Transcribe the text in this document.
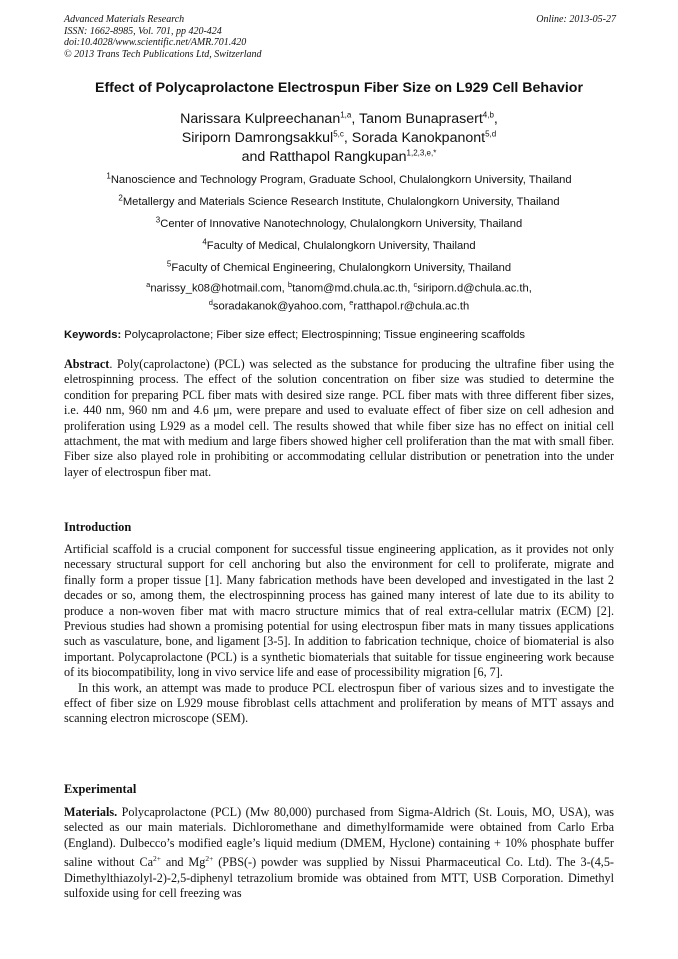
Advanced Materials Research
ISSN: 1662-8985, Vol. 701, pp 420-424
doi:10.4028/www.scientific.net/AMR.701.420
© 2013 Trans Tech Publications Ltd, Switzerland
Online: 2013-05-27
Effect of Polycaprolactone Electrospun Fiber Size on L929 Cell Behavior
Narissara Kulpreechanan$^{1,a}$, Tanom Bunaprasert$^{4,b}$,
Siriporn Damrongsakkul$^{5,c}$, Sorada Kanokpanont$^{5,d}$
and Ratthapol Rangkupan$^{1,2,3,e,*}$
$^1$Nanoscience and Technology Program, Graduate School, Chulalongkorn University, Thailand
$^2$Metallergy and Materials Science Research Institute, Chulalongkorn University, Thailand
$^3$Center of Innovative Nanotechnology, Chulalongkorn University, Thailand
$^4$Faculty of Medical, Chulalongkorn University, Thailand
$^5$Faculty of Chemical Engineering, Chulalongkorn University, Thailand
$^a$narissy_k08@hotmail.com, $^b$tanom@md.chula.ac.th, $^c$siriporn.d@chula.ac.th,
$^d$soradakanok@yahoo.com, $^e$ratthapol.r@chula.ac.th
Keywords: Polycaprolactone; Fiber size effect; Electrospinning; Tissue engineering scaffolds

Abstract. Poly(caprolactone) (PCL) was selected as the substance for producing the ultrafine fiber using the eletrospinning process. The effect of the solution concentration on fiber size was studied to determine the condition for preparing PCL fiber mats with desired size range. PCL fiber mats with three different fiber sizes, i.e. 440 nm, 960 nm and 4.6 μm, were prepare and used to evaluate effect of fiber size on cell adhesion and proliferation using L929 as a model cell. The results showed that while fiber size has no effect on initial cell attachment, the mat with medium and large fibers showed higher cell proliferation than the mat with small fiber. Fiber size also played role in prohibiting or accommodating cellular distribution or penetration into the under layer of electrospun fiber mat.

Introduction

Artificial scaffold is a crucial component for successful tissue engineering application, as it provides not only necessary structural support for cell anchoring but also the environment for cell to proliferate, migrate and finally form a proper tissue [1]. Many fabrication methods have been developed and investigated in the last 2 decades or so, among them, the electrospinning process has gained many interest of late due to its ability to produce a non-woven fiber mat with macro structure mimics that of real extra-cellular matrix (ECM) [2]. Previous studies had shown a promising potential for using electrospun fiber mats in many tissues applications such as vasculature, bone, and ligament [3-5]. In addition to fabrication technique, choice of biomaterial is also important. Polycaprolactone (PCL) is a synthetic biomaterials that suitable for tissue engineering work because of its biocompatibility, long in vivo service life and ease of processibility migration [6, 7].

In this work, an attempt was made to produce PCL electrospun fiber of various sizes and to investigate the effect of fiber size on L929 mouse fibroblast cells attachment and proliferation by means of MTT assays and scanning electron microscope (SEM).

Experimental

Materials. Polycaprolactone (PCL) (Mw 80,000) purchased from Sigma-Aldrich (St. Louis, MO, USA), was selected as our main materials. Dichloromethane and dimethylformamide were obtained from Carlo Erba (England). Dulbecco’s modified eagle’s liquid medium (DMEM, Hyclone) containing + 10% phosphate buffer saline without $Ca^{2+}$ and $Mg^{2+}$ (PBS(-) powder was supplied by Nissui Pharmaceutical Co. Ltd). The 3-(4,5-Dimethylthiazolyl-2)-2,5-diphenyl tetrazolium bromide was obtained from MTT, USB Corporation. Dimethyl sulfoxide using for cell freezing was
